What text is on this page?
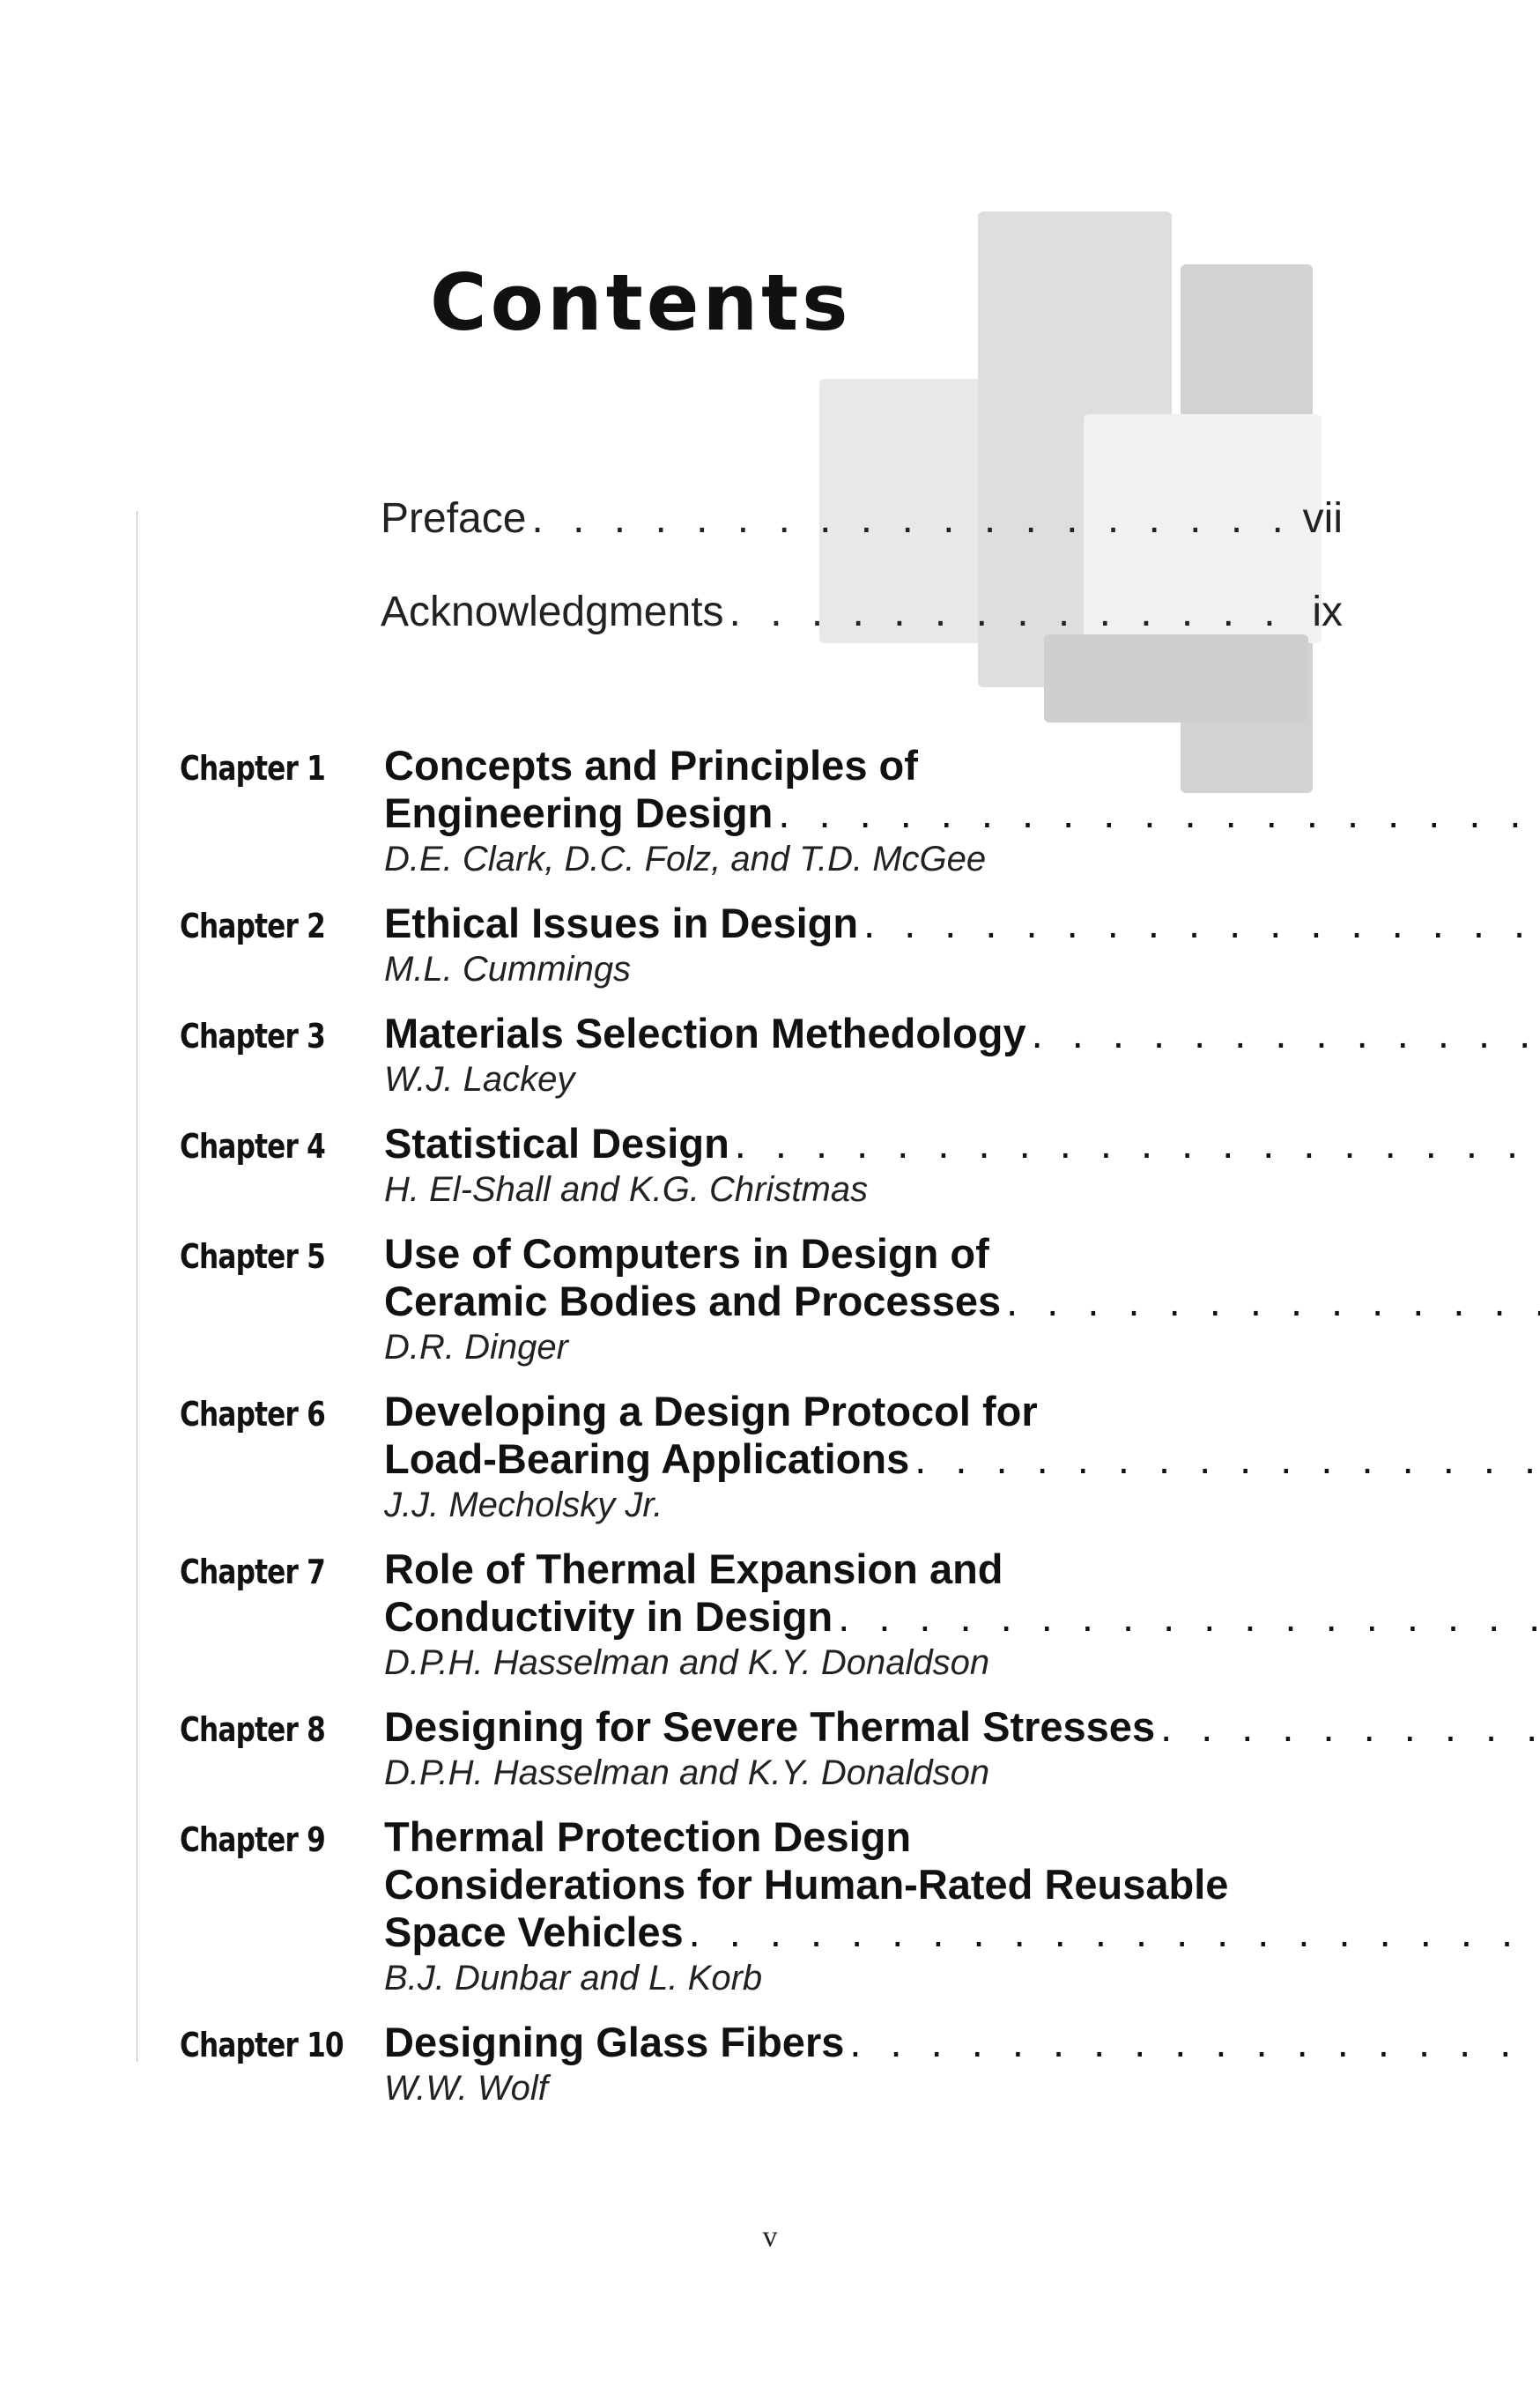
Contents
Preface . . .	vii
Acknowledgments . . .	ix
Chapter 1	Concepts and Principles of
Engineering Design
. . .
D.E. Clark, D.C. Folz, and T.D. McGee
Chapter 2	Ethical Issues in Design
. . .
M.L. Cummings
Chapter 3	Materials Selection Methedology
. . .
W.J. Lackey
Chapter 4	Statistical Design
. . .
H. El-Shall and K.G. Christmas
Chapter 5	Use of Computers in Design of
Ceramic Bodies and Processes
. . .
D.R. Dinger
Chapter 6	Developing a Design Protocol for
Load-Bearing Applications
. . .
J.J. Mecholsky Jr.
Chapter 7	Role of Thermal Expansion and
Conductivity in Design
. . .
D.P.H. Hasselman and K.Y. Donaldson
Chapter 8	Designing for Severe Thermal Stresses
. . .
D.P.H. Hasselman and K.Y. Donaldson
Chapter 9	Thermal Protection Design
Considerations for Human-Rated Reusable
Space Vehicles
. . .
B.J. Dunbar and L. Korb
Chapter 10 Designing Glass Fibers
. . .
W.W. Wolf
v
